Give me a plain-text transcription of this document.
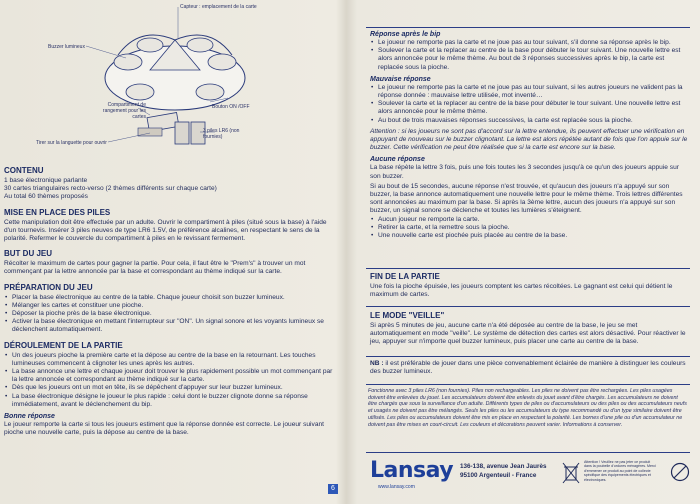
Capteur : emplacement de la carte
Buzzer lumineux
Compartiment de rangement pour les cartes
Bouton ON /OFF
3 piles LR6 (non fournies)
Tirer sur la languette pour ouvrir
CONTENU

1 base électronique parlante

30 cartes triangulaires recto-verso (2 thèmes différents sur chaque carte)

Au total 60 thèmes proposés

MISE EN PLACE DES PILES

Cette manipulation doit être effectuée par un adulte. Ouvrir le compartiment à piles (situé sous la base) à l'aide d'un tournevis. Insérer 3 piles neuves de type LR6 1.5V, de préférence alcalines, en respectant le sens de la polarité. Refermer le couvercle du compartiment à piles en le revissant fermement.

BUT DU JEU

Récolter le maximum de cartes pour gagner la partie. Pour cela, il faut être le "Prem's" à trouver un mot commençant par la lettre annoncée par la base et correspondant au thème indiqué sur la carte.

PRÉPARATION DU JEU
• Placer la base électronique au centre de la table. Chaque joueur choisit son buzzer lumineux.
• Mélanger les cartes et constituer une pioche.
• Déposer la pioche près de la base électronique.
• Activer la base électronique en mettant l'interrupteur sur "ON". Un signal sonore et les voyants lumineux se déclenchent automatiquement.
DÉROULEMENT DE LA PARTIE
• Un des joueurs pioche la première carte et la dépose au centre de la base en la retournant. Les touches lumineuses commencent à clignoter les unes après les autres.
• La base annonce une lettre et chaque joueur doit trouver le plus rapidement possible un mot commençant par la lettre annoncée et correspondant au thème indiqué sur la carte.
• Dès que les joueurs ont un mot en tête, ils se dépêchent d'appuyer sur leur buzzer lumineux.
• La base électronique désigne le joueur le plus rapide : celui dont le buzzer clignote donne sa réponse immédiatement, avant le déclenchement du bip.
Bonne réponse

Le joueur remporte la carte si tous les joueurs estiment que la réponse donnée est correcte. Le joueur suivant pioche une nouvelle carte, puis la dépose au centre de la base.

6
Réponse après le bip
• Le joueur ne remporte pas la carte et ne joue pas au tour suivant, s'il donne sa réponse après le bip.
• Soulever la carte et la replacer au centre de la base pour débuter le tour suivant. Une nouvelle lettre est alors annoncée pour le même thème. Au bout de 3 réponses successives après le bip, la carte est replacée sous la pioche.
Mauvaise réponse
• Le joueur ne remporte pas la carte et ne joue pas au tour suivant, si les autres joueurs ne valident pas la réponse donnée : mauvaise lettre utilisée, mot inventé…
• Soulever la carte et la replacer au centre de la base pour débuter le tour suivant. Une nouvelle lettre est alors annoncée pour le même thème.
• Au bout de trois mauvaises réponses successives, la carte est replacée sous la pioche.

Attention : si les joueurs ne sont pas d'accord sur la lettre entendue, ils peuvent effectuer une vérification en appuyant de nouveau sur le buzzer clignotant. La lettre est alors répétée autant de fois que l'on appuie sur le buzzer. Cette vérification ne peut être réalisée que si la carte est encore sur la base.

Aucune réponse

La base répète la lettre 3 fois, puis une fois toutes les 3 secondes jusqu'à ce qu'un des joueurs appuie sur son buzzer.

Si au bout de 15 secondes, aucune réponse n'est trouvée, et qu'aucun des joueurs n'a appuyé sur son buzzer, la base annonce automatiquement une nouvelle lettre pour le même thème. Trois lettres différentes sont annoncées au maximum par la base. Si après la 3ème lettre, aucun des joueurs n'a appuyé sur son buzzer, un signal sonore se déclenche et toutes les lumières s'éteignent.

• Aucun joueur ne remporte la carte.
• Retirer la carte, et la remettre sous la pioche.
• Une nouvelle carte est piochée puis placée au centre de la base.
FIN DE LA PARTIE

Une fois la pioche épuisée, les joueurs comptent les cartes récoltées. Le gagnant est celui qui détient le maximum de cartes.

LE MODE "VEILLE"

Si après 5 minutes de jeu, aucune carte n'a été déposée au centre de la base, le jeu se met automatiquement en mode "veille". Le système de détection des cartes est alors désactivé. Pour réactiver le jeu, appuyer sur n'importe quel buzzer lumineux, puis placer une carte au centre de la base.

NB : il est préférable de jouer dans une pièce convenablement éclairée de manière à distinguer les couleurs des buzzer lumineux.

Fonctionne avec 3 piles LR6 (non fournies). Piles non rechargeables. Les piles ne doivent pas être rechargées. Les piles usagées doivent être enlevées du jouet. Les accumulateurs doivent être enlevés du jouet avant d'être chargés. Les accumulateurs ne doivent être chargés que sous la surveillance d'un adulte. Différents types de piles ou d'accumulateurs ou des piles ou des accumulateurs neufs et usagés ne doivent pas être mélangés. Seuls les piles ou les accumulateurs du type recommandé ou d'un type similaire doivent être utilisés. Les piles ou accumulateurs doivent être mis en place en respectant la polarité. Les bornes d'une pile ou d'un accumulateur ne doivent pas être mises en court-circuit. Les couleurs et décorations peuvent varier. Informations à conserver.
Lansay
www.lansay.com
136-138, avenue Jean Jaurès
95100 Argenteuil - France
Attention ! Veuillez ne pas jeter ce produit dans la poubelle d'ordures ménagères. Merci d'emmener ce produit au point de collecte spécifique des équipements électriques et électroniques.
